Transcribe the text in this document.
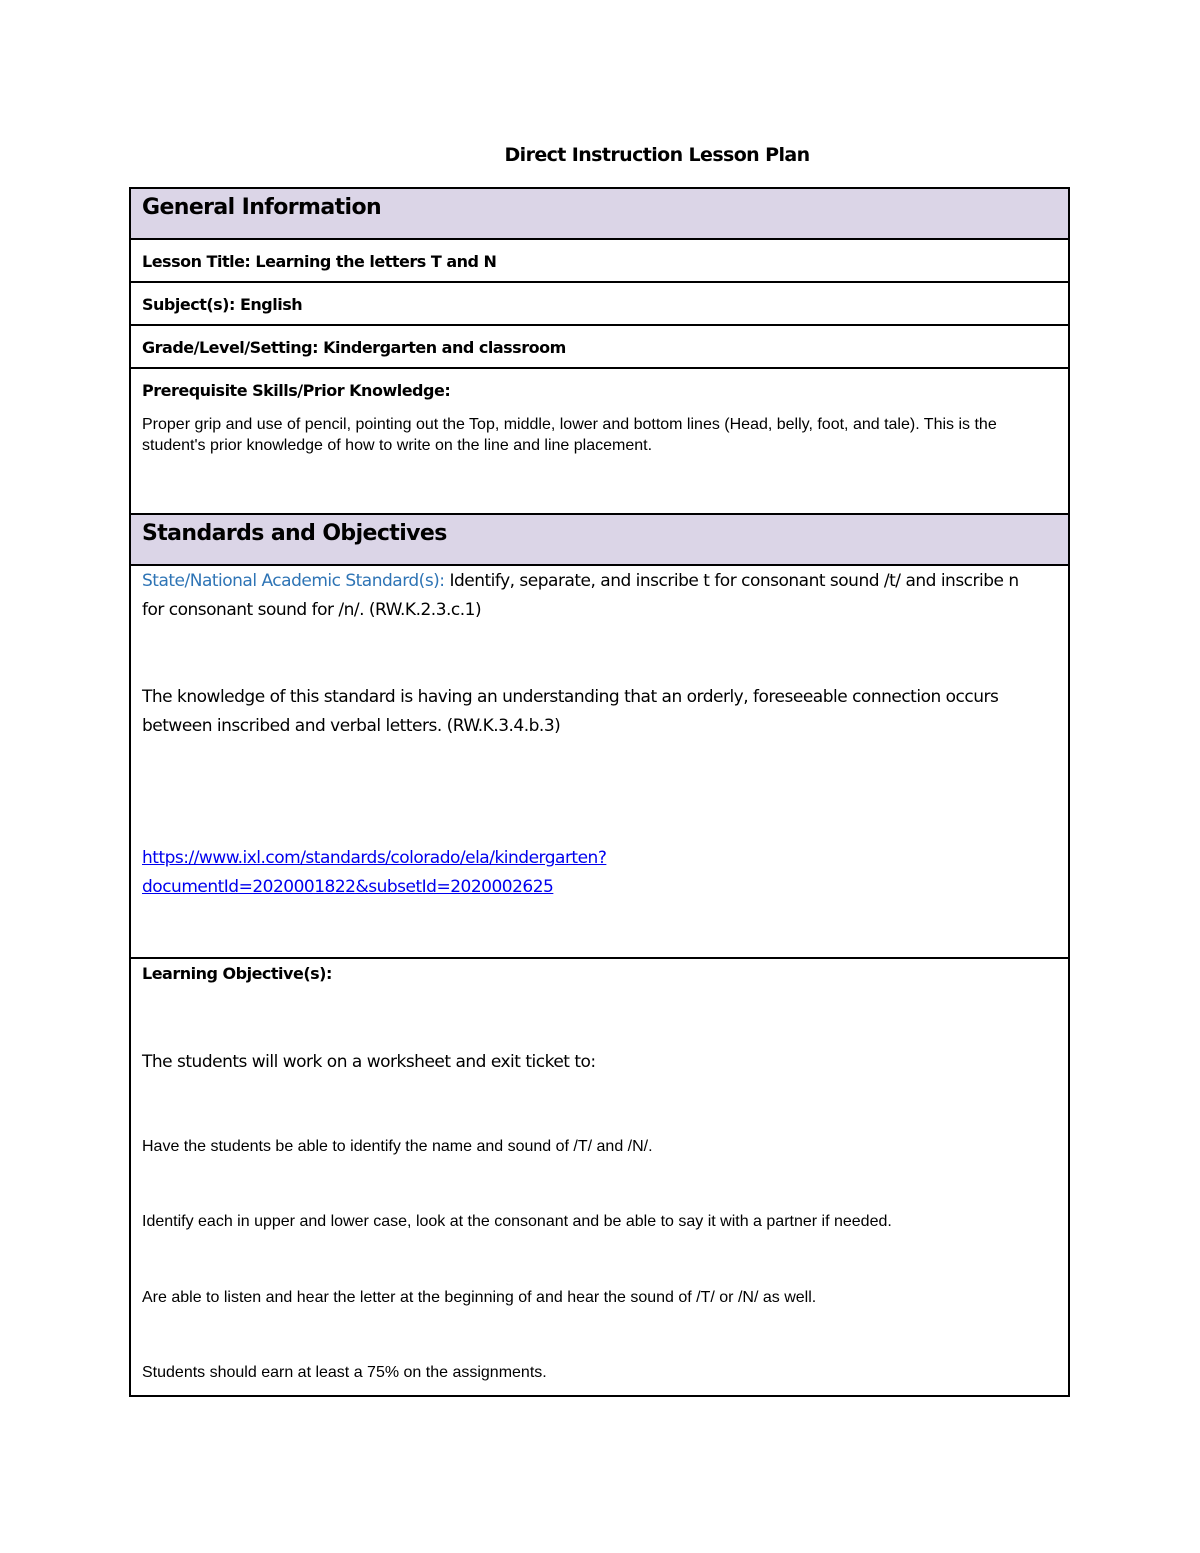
Direct Instruction Lesson Plan
General Information
Lesson Title: Learning the letters T and N
Subject(s): English
Grade/Level/Setting: Kindergarten and classroom
Prerequisite Skills/Prior Knowledge:
Proper grip and use of pencil, pointing out the Top, middle, lower and bottom lines (Head, belly, foot, and tale). This is the student's prior knowledge of how to write on the line and line placement.
Standards and Objectives
State/National Academic Standard(s): Identify, separate, and inscribe t for consonant sound /t/ and inscribe n for consonant sound for /n/. (RW.K.2.3.c.1)
The knowledge of this standard is having an understanding that an orderly, foreseeable connection occurs between inscribed and verbal letters. (RW.K.3.4.b.3)
https://www.ixl.com/standards/colorado/ela/kindergarten?
documentId=2020001822&subsetId=2020002625
Learning Objective(s):
The students will work on a worksheet and exit ticket to:
Have the students be able to identify the name and sound of /T/ and /N/.
Identify each in upper and lower case, look at the consonant and be able to say it with a partner if needed.
Are able to listen and hear the letter at the beginning of and hear the sound of /T/ or /N/ as well.
Students should earn at least a 75% on the assignments.
